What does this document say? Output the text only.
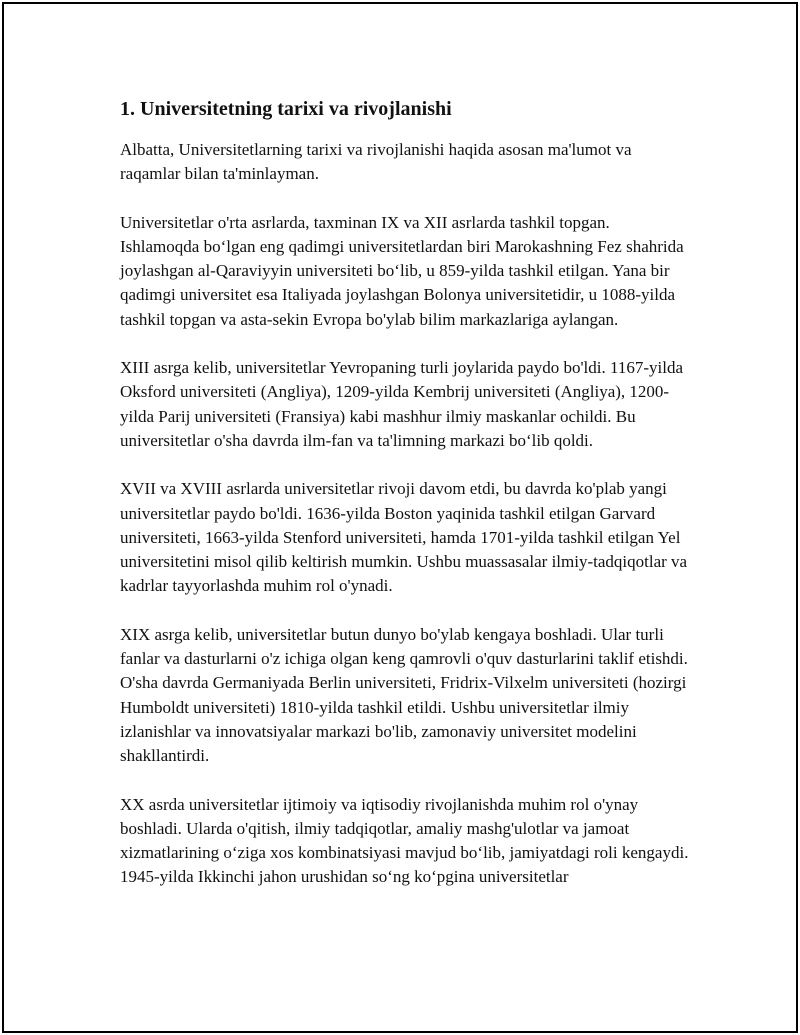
1. Universitetning tarixi va rivojlanishi

Albatta, Universitetlarning tarixi va rivojlanishi haqida asosan ma'lumot va raqamlar bilan ta'minlayman.

Universitetlar o'rta asrlarda, taxminan IX va XII asrlarda tashkil topgan. Ishlamoqda bo‘lgan eng qadimgi universitetlardan biri Marokashning Fez shahrida joylashgan al-Qaraviyyin universiteti bo‘lib, u 859-yilda tashkil etilgan. Yana bir qadimgi universitet esa Italiyada joylashgan Bolonya universitetidir, u 1088-yilda tashkil topgan va asta-sekin Evropa bo'ylab bilim markazlariga aylangan.

XIII asrga kelib, universitetlar Yevropaning turli joylarida paydo bo'ldi. 1167-yilda Oksford universiteti (Angliya), 1209-yilda Kembrij universiteti (Angliya), 1200-yilda Parij universiteti (Fransiya) kabi mashhur ilmiy maskanlar ochildi. Bu universitetlar o'sha davrda ilm-fan va ta'limning markazi bo‘lib qoldi.

XVII va XVIII asrlarda universitetlar rivoji davom etdi, bu davrda ko'plab yangi universitetlar paydo bo'ldi. 1636-yilda Boston yaqinida tashkil etilgan Garvard universiteti, 1663-yilda Stenford universiteti, hamda 1701-yilda tashkil etilgan Yel universitetini misol qilib keltirish mumkin. Ushbu muassasalar ilmiy-tadqiqotlar va kadrlar tayyorlashda muhim rol o'ynadi.

XIX asrga kelib, universitetlar butun dunyo bo'ylab kengaya boshladi. Ular turli fanlar va dasturlarni o'z ichiga olgan keng qamrovli o'quv dasturlarini taklif etishdi. O'sha davrda Germaniyada Berlin universiteti, Fridrix-Vilxelm universiteti (hozirgi Humboldt universiteti) 1810-yilda tashkil etildi. Ushbu universitetlar ilmiy izlanishlar va innovatsiyalar markazi bo'lib, zamonaviy universitet modelini shakllantirdi.

XX asrda universitetlar ijtimoiy va iqtisodiy rivojlanishda muhim rol o'ynay boshladi. Ularda o'qitish, ilmiy tadqiqotlar, amaliy mashg'ulotlar va jamoat xizmatlarining o‘ziga xos kombinatsiyasi mavjud bo‘lib, jamiyatdagi roli kengaydi. 1945-yilda Ikkinchi jahon urushidan so‘ng ko‘pgina universitetlar
